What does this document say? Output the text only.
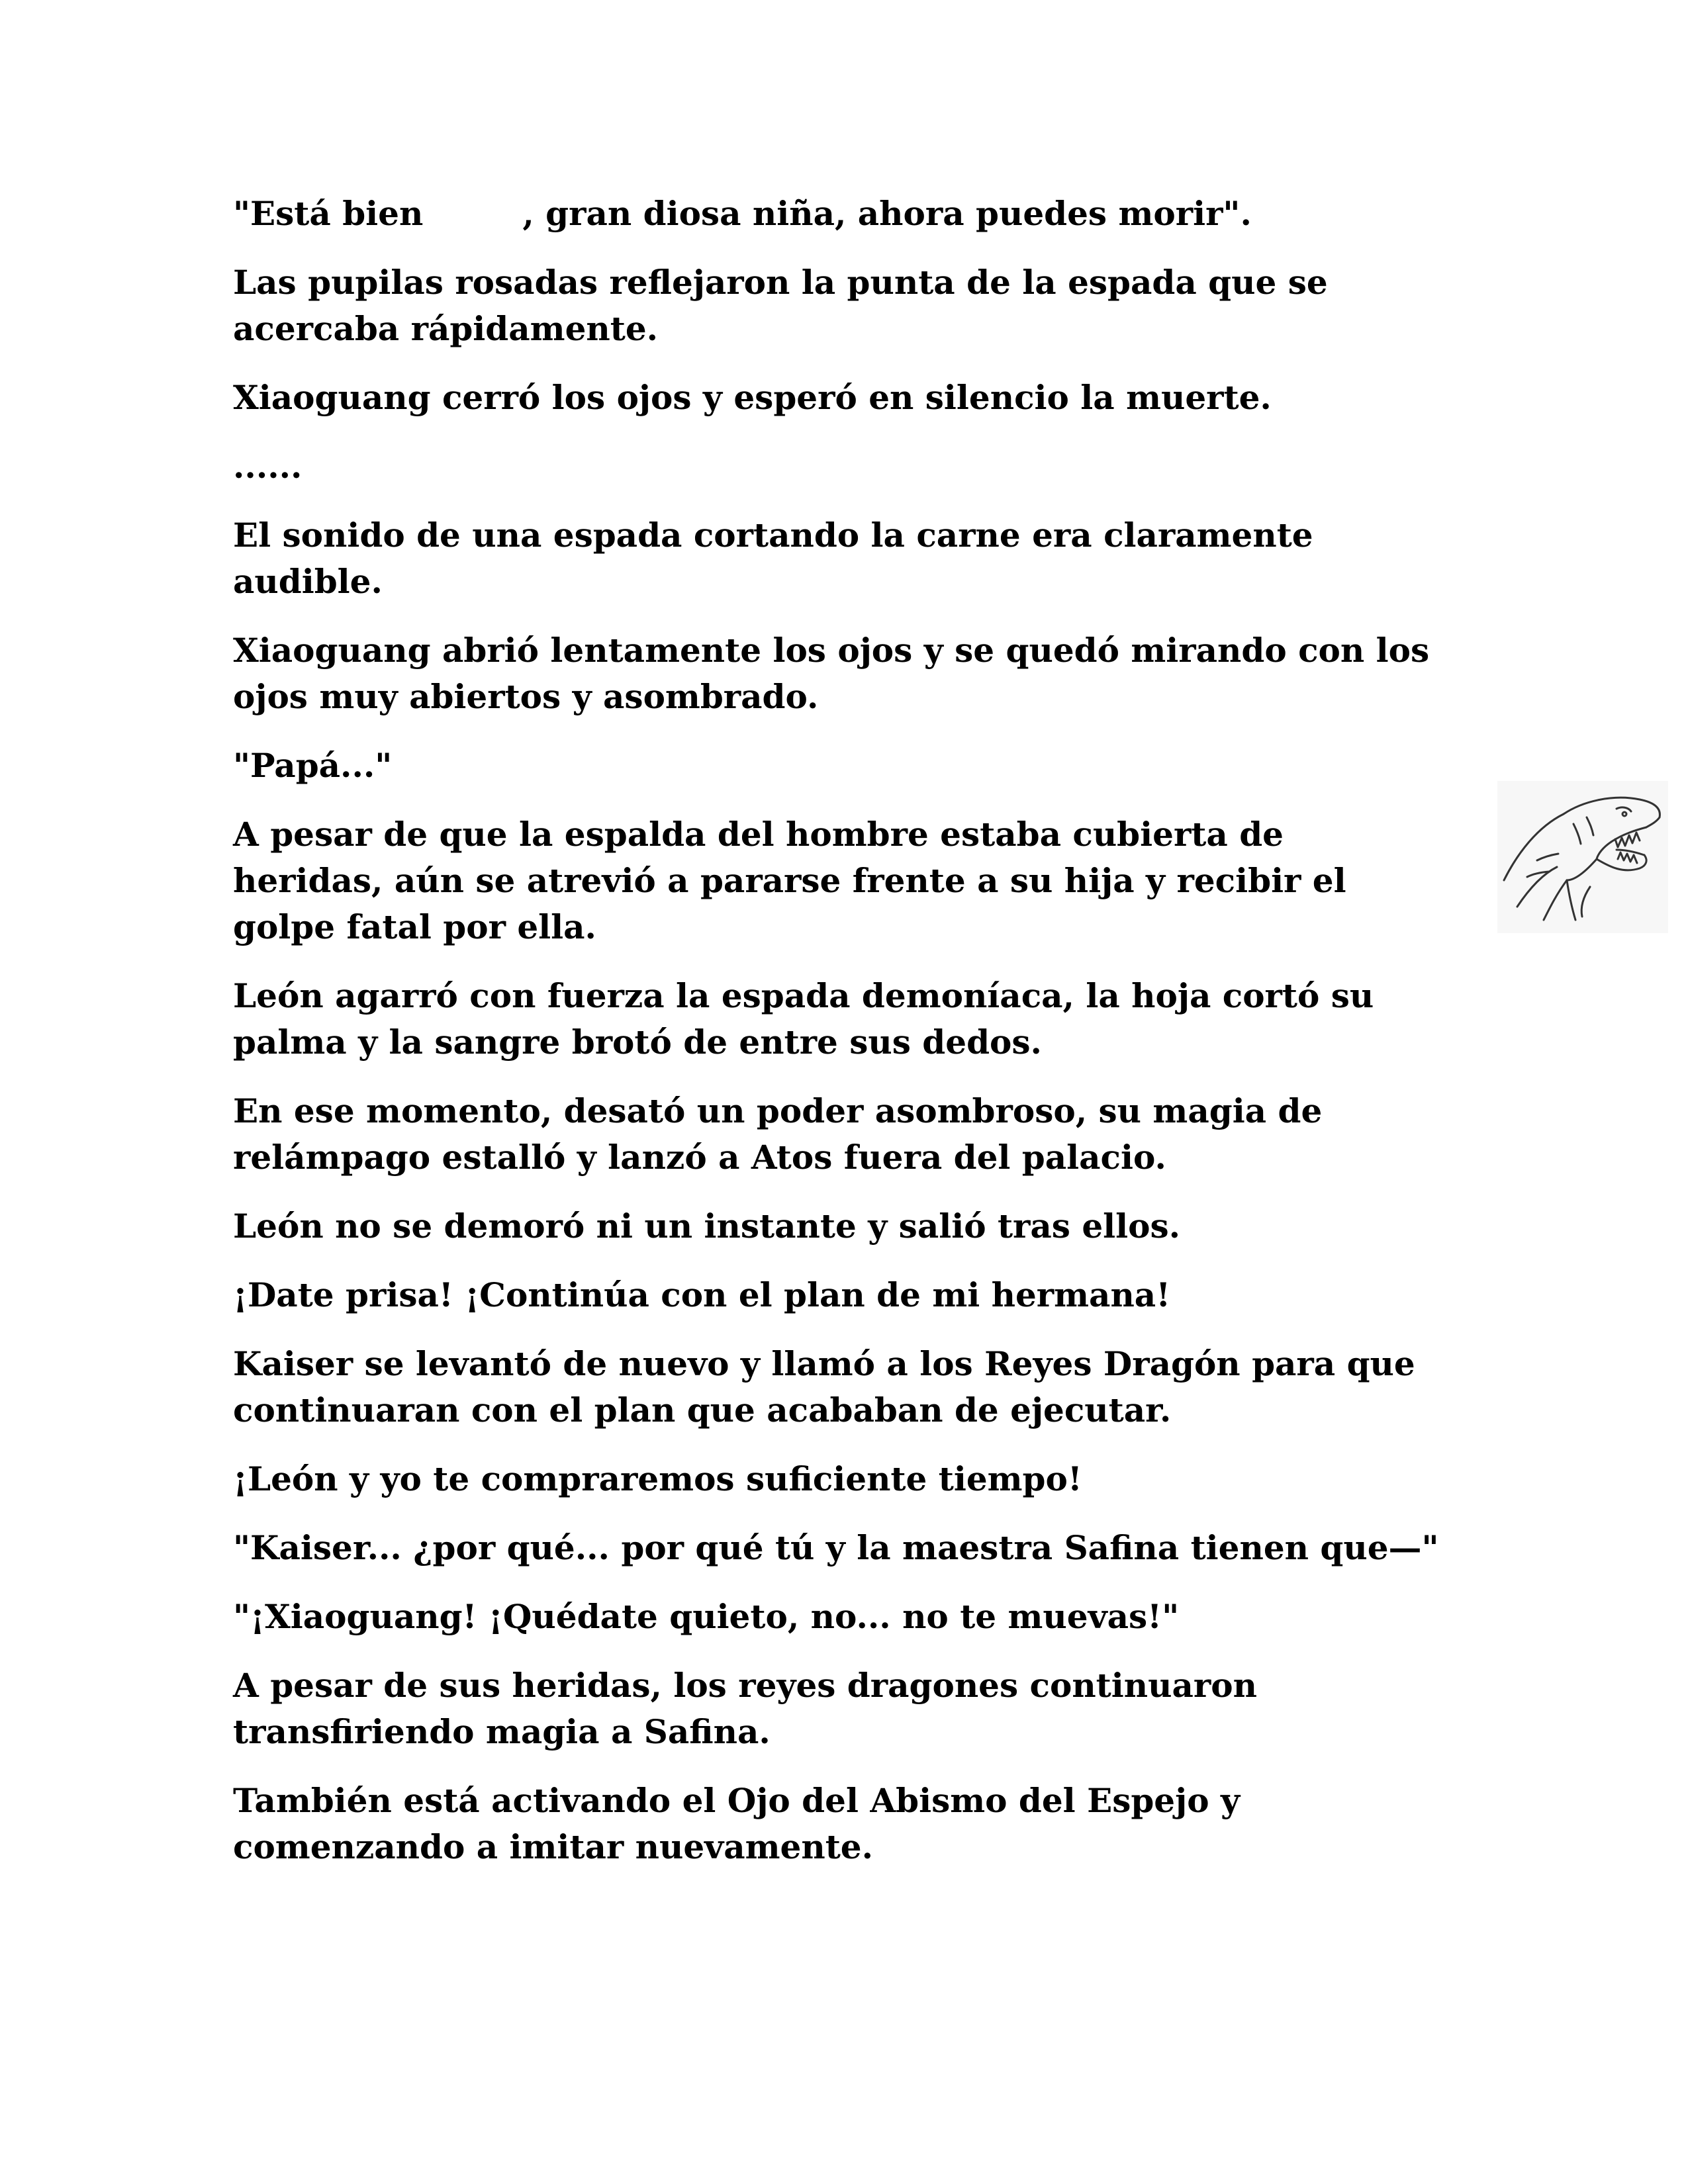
"Está bien	, gran diosa niña, ahora puedes morir".

Las pupilas rosadas reflejaron la punta de la espada que se acercaba rápidamente.

Xiaoguang cerró los ojos y esperó en silencio la muerte.

......

El sonido de una espada cortando la carne era claramente audible.

Xiaoguang abrió lentamente los ojos y se quedó mirando con los ojos muy abiertos y asombrado.

"Papá..."

A pesar de que la espalda del hombre estaba cubierta de heridas, aún se atrevió a pararse frente a su hija y recibir el golpe fatal por ella.

León agarró con fuerza la espada demoníaca, la hoja cortó su palma y la sangre brotó de entre sus dedos.

En ese momento, desató un poder asombroso, su magia de relámpago estalló y lanzó a Atos fuera del palacio.

León no se demoró ni un instante y salió tras ellos.

¡Date prisa! ¡Continúa con el plan de mi hermana!

Kaiser se levantó de nuevo y llamó a los Reyes Dragón para que continuaran con el plan que acababan de ejecutar.

¡León y yo te compraremos suficiente tiempo!

"Kaiser... ¿por qué... por qué tú y la maestra Safina tienen que—"

"¡Xiaoguang! ¡Quédate quieto, no... no te muevas!"

A pesar de sus heridas, los reyes dragones continuaron transfiriendo magia a Safina.

También está activando el Ojo del Abismo del Espejo y comenzando a imitar nuevamente.
